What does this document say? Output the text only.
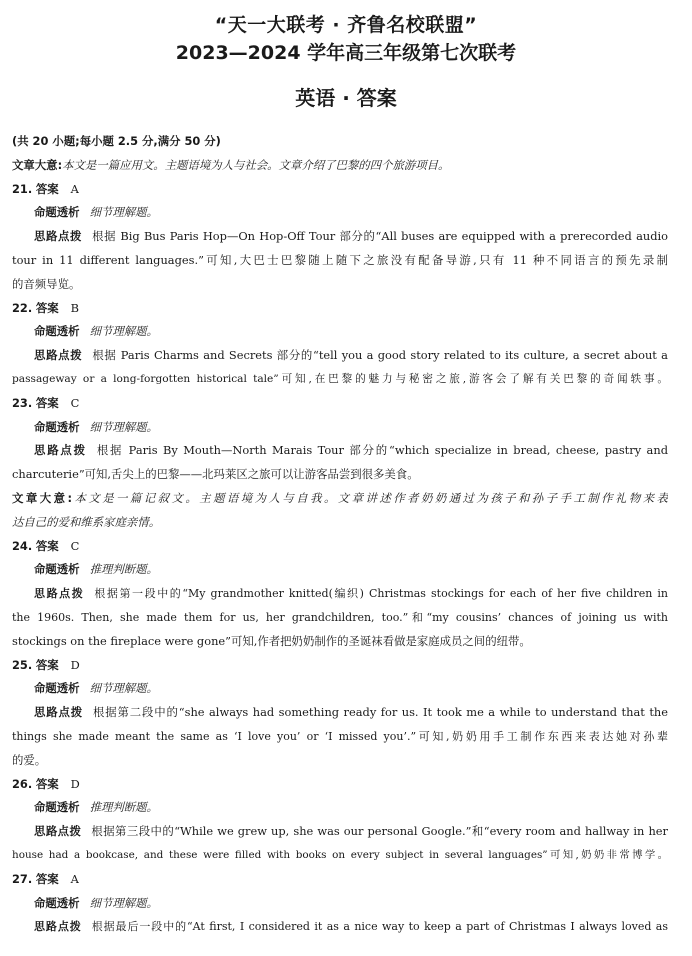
“天一大联考 · 齐鲁名校联盟”
2023—2024 学年高三年级第七次联考
英语 · 答案
(共 20 小题;每小题 2.5 分,满分 50 分)
文章大意:本文是一篇应用文。主题语境为人与社会。文章介绍了巴黎的四个旅游项目。
21. 答案 A
命题透析 细节理解题。
思路点拨 根据 Big Bus Paris Hop—On Hop-Off Tour 部分的“All buses are equipped with a prerecorded audio
tour in 11 different languages.”可知,大巴士巴黎随上随下之旅没有配备导游,只有 11 种不同语言的预先录制
的音频导览。
22. 答案 B
命题透析 细节理解题。
思路点拨 根据 Paris Charms and Secrets 部分的“tell you a good story related to its culture, a secret about a
passageway or a long-forgotten historical tale”可知,在巴黎的魅力与秘密之旅,游客会了解有关巴黎的奇闻轶事。
23. 答案 C
命题透析 细节理解题。
思路点拨 根据 Paris By Mouth—North Marais Tour 部分的“which specialize in bread, cheese, pastry and
charcuterie”可知,舌尖上的巴黎——北玛莱区之旅可以让游客品尝到很多美食。
文章大意:本文是一篇记叙文。主题语境为人与自我。文章讲述作者奶奶通过为孩子和孙子手工制作礼物来表
达自己的爱和维系家庭亲情。
24. 答案 C
命题透析 推理判断题。
思路点拨 根据第一段中的“My grandmother knitted(编织) Christmas stockings for each of her five children in
the 1960s. Then, she made them for us, her grandchildren, too.”和“my cousins’ chances of joining us with
stockings on the fireplace were gone”可知,作者把奶奶制作的圣诞袜看做是家庭成员之间的纽带。
25. 答案 D
命题透析 细节理解题。
思路点拨 根据第二段中的“she always had something ready for us. It took me a while to understand that the
things she made meant the same as ‘I love you’ or ‘I missed you’.”可知,奶奶用手工制作东西来表达她对孙辈
的爱。
26. 答案 D
命题透析 推理判断题。
思路点拨 根据第三段中的“While we grew up, she was our personal Google.”和“every room and hallway in her
house had a bookcase, and these were filled with books on every subject in several languages”可知,奶奶非常博学。
27. 答案 A
命题透析 细节理解题。
思路点拨 根据最后一段中的“At first, I considered it as a nice way to keep a part of Christmas I always loved as
